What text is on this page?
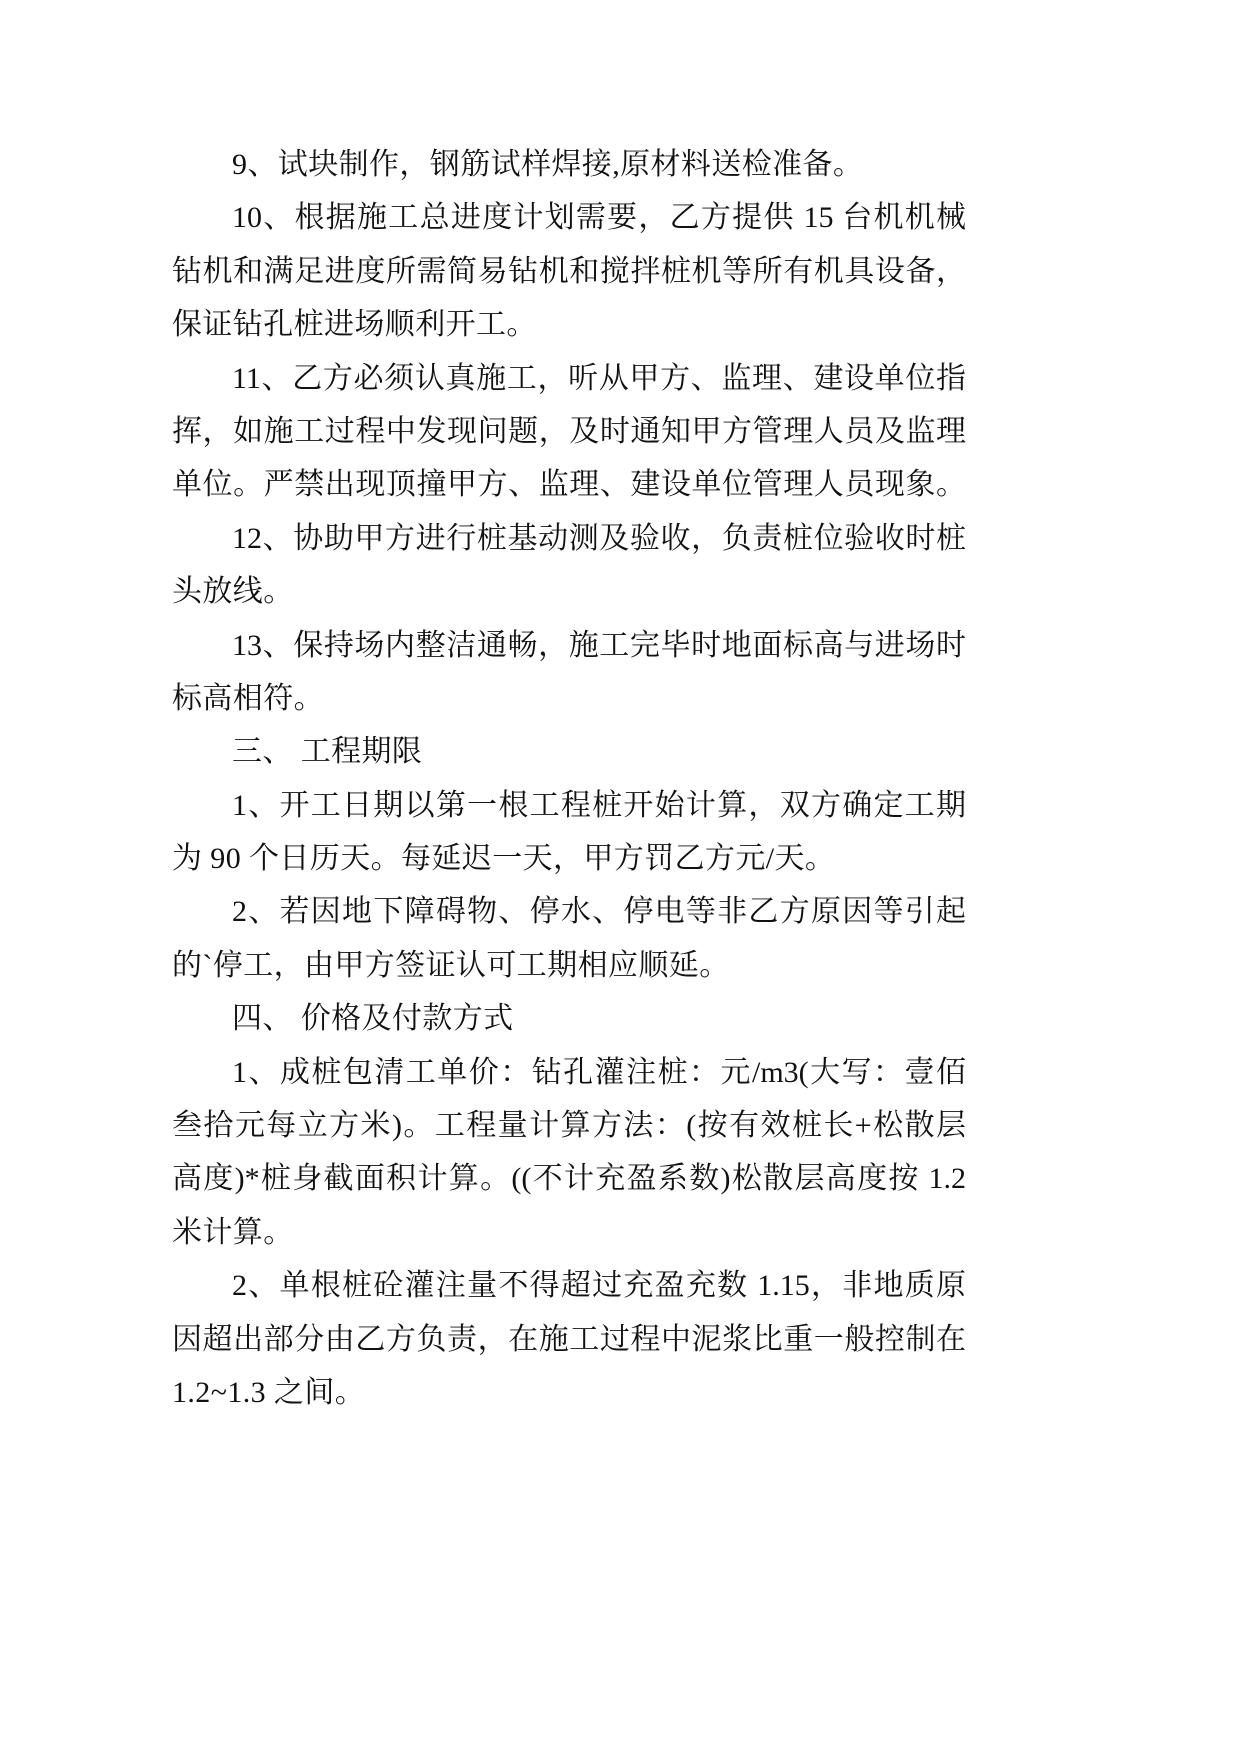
9、试块制作，钢筋试样焊接,原材料送检准备。
10、根据施工总进度计划需要，乙方提供 15 台机机械
钻机和满足进度所需简易钻机和搅拌桩机等所有机具设备，
保证钻孔桩进场顺利开工。
11、乙方必须认真施工，听从甲方、监理、建设单位指
挥，如施工过程中发现问题，及时通知甲方管理人员及监理
单位。严禁出现顶撞甲方、监理、建设单位管理人员现象。
12、协助甲方进行桩基动测及验收，负责桩位验收时桩
头放线。
13、保持场内整洁通畅，施工完毕时地面标高与进场时
标高相符。
三、 工程期限
1、开工日期以第一根工程桩开始计算，双方确定工期
为 90 个日历天。每延迟一天，甲方罚乙方元/天。
2、若因地下障碍物、停水、停电等非乙方原因等引起
的`停工，由甲方签证认可工期相应顺延。
四、 价格及付款方式
1、成桩包清工单价：钻孔灌注桩：元/m3(大写：壹佰
叁拾元每立方米)。工程量计算方法：(按有效桩长+松散层
高度)*桩身截面积计算。((不计充盈系数)松散层高度按 1.2
米计算。
2、单根桩砼灌注量不得超过充盈充数 1.15，非地质原
因超出部分由乙方负责，在施工过程中泥浆比重一般控制在
1.2~1.3 之间。
